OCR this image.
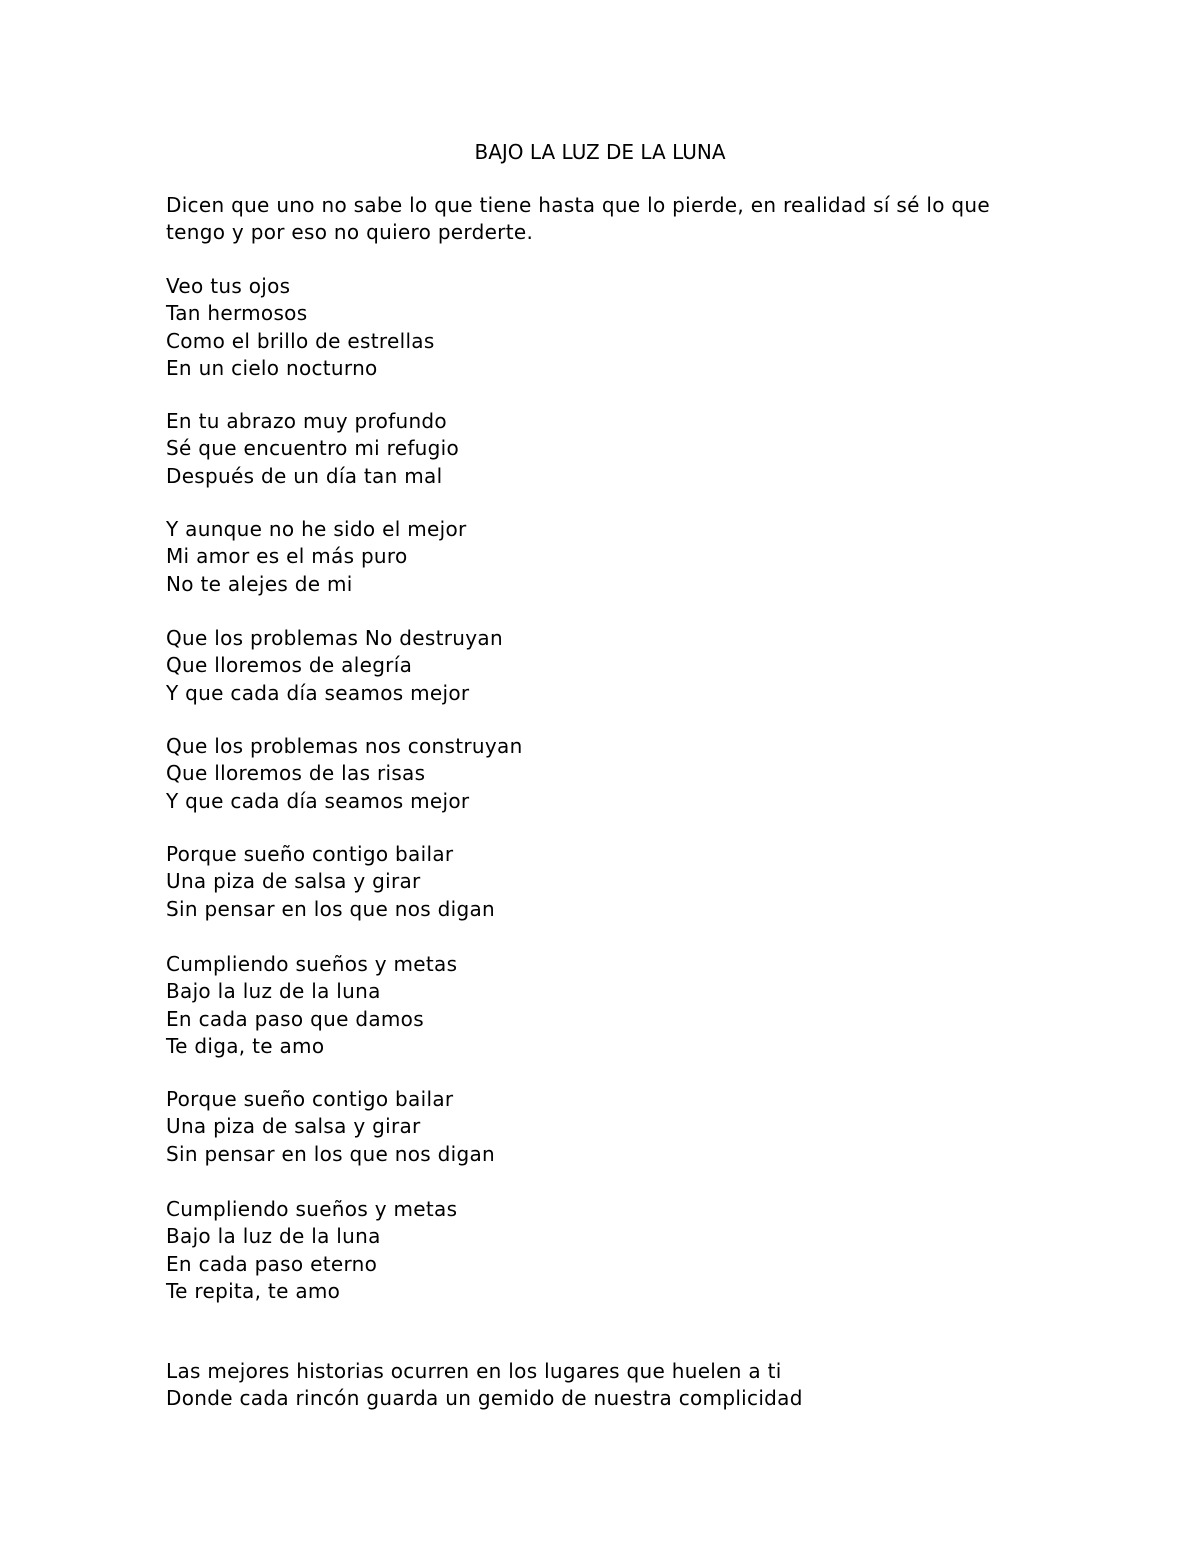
BAJO LA LUZ DE LA LUNA
Dicen que uno no sabe lo que tiene hasta que lo pierde, en realidad sí sé lo que
tengo y por eso no quiero perderte.
Veo tus ojos
Tan hermosos
Como el brillo de estrellas
En un cielo nocturno
En tu abrazo muy profundo
Sé que encuentro mi refugio
Después de un día tan mal
Y aunque no he sido el mejor
Mi amor es el más puro
No te alejes de mi
Que los problemas No destruyan
Que lloremos de alegría
Y que cada día seamos mejor
Que los problemas nos construyan
Que lloremos de las risas
Y que cada día seamos mejor
Porque sueño contigo bailar
Una piza de salsa y girar
Sin pensar en los que nos digan
Cumpliendo sueños y metas
Bajo la luz de la luna
En cada paso que damos
Te diga, te amo
Porque sueño contigo bailar
Una piza de salsa y girar
Sin pensar en los que nos digan
Cumpliendo sueños y metas
Bajo la luz de la luna
En cada paso eterno
Te repita, te amo
Las mejores historias ocurren en los lugares que huelen a ti
Donde cada rincón guarda un gemido de nuestra complicidad
